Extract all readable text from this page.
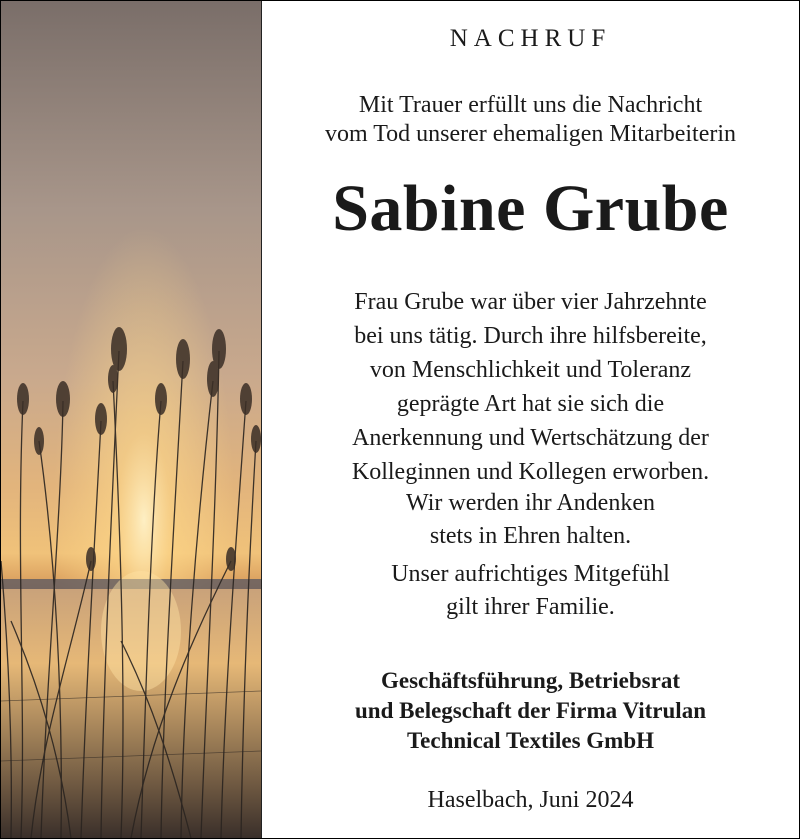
NACHRUF
Mit Trauer erfüllt uns die Nachricht
vom Tod unserer ehemaligen Mitarbeiterin
Sabine Grube
Frau Grube war über vier Jahrzehnte
bei uns tätig. Durch ihre hilfsbereite,
von Menschlichkeit und Toleranz
geprägte Art hat sie sich die
Anerkennung und Wertschätzung der
Kolleginnen und Kollegen erworben.
Wir werden ihr Andenken
stets in Ehren halten.
Unser aufrichtiges Mitgefühl
gilt ihrer Familie.
Geschäftsführung, Betriebsrat
und Belegschaft der Firma Vitrulan
Technical Textiles GmbH
Haselbach, Juni 2024
